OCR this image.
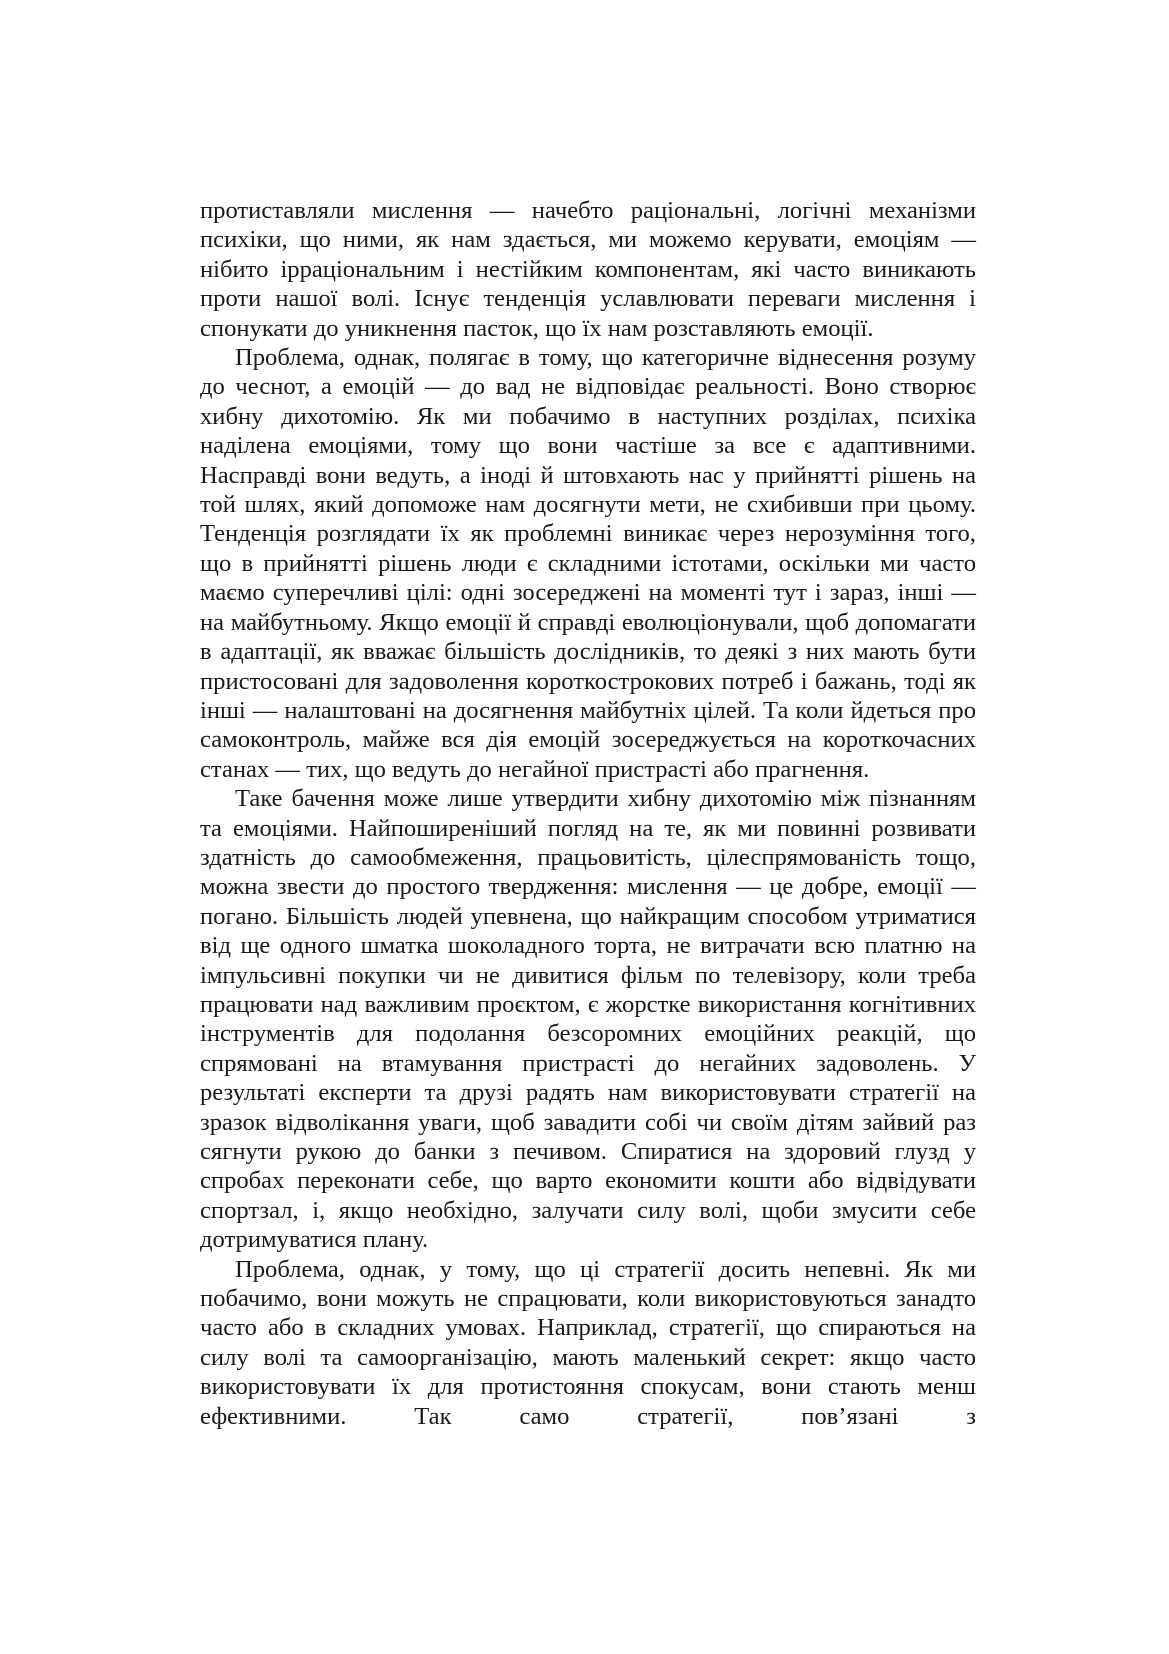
протиставляли мислення — начебто раціональні, логічні механізми психіки, що ними, як нам здається, ми можемо керувати, емоціям — нібито ірраціональним і нестійким компонентам, які часто виникають проти нашої волі. Існує тенденція уславлювати переваги мислення і спонукати до уникнення пасток, що їх нам розставляють емоції.

Проблема, однак, полягає в тому, що категоричне віднесення розуму до чеснот, а емоцій — до вад не відповідає реальності. Воно створює хибну дихотомію. Як ми побачимо в наступних розділах, психіка наділена емоціями, тому що вони частіше за все є адаптивними. Насправді вони ведуть, а іноді й штовхають нас у прийнятті рішень на той шлях, який допоможе нам досягнути мети, не схибивши при цьому. Тенденція розглядати їх як проблемні виникає через нерозуміння того, що в прийнятті рішень люди є складними істотами, оскільки ми часто маємо суперечливі цілі: одні зосереджені на моменті тут і зараз, інші — на майбутньому. Якщо емоції й справді еволюціонували, щоб допомагати в адаптації, як вважає більшість дослідників, то деякі з них мають бути пристосовані для задоволення короткострокових потреб і бажань, тоді як інші — налаштовані на досягнення майбутніх цілей. Та коли йдеться про самоконтроль, майже вся дія емоцій зосереджується на короткочасних станах — тих, що ведуть до негайної пристрасті або прагнення.

Таке бачення може лише утвердити хибну дихотомію між пізнанням та емоціями. Найпоширеніший погляд на те, як ми повинні розвивати здатність до самообмеження, працьовитість, цілеспрямованість тощо, можна звести до простого твердження: мислення — це добре, емоції — погано. Більшість людей упевнена, що найкращим способом утриматися від ще одного шматка шоколадного торта, не витрачати всю платню на імпульсивні покупки чи не дивитися фільм по телевізору, коли треба працювати над важливим проєктом, є жорстке використання когнітивних інструментів для подолання безсоромних емоційних реакцій, що спрямовані на втамування пристрасті до негайних задоволень. У результаті експерти та друзі радять нам використовувати стратегії на зразок відволікання уваги, щоб завадити собі чи своїм дітям зайвий раз сягнути рукою до банки з печивом. Спиратися на здоровий глузд у спробах переконати себе, що варто економити кошти або відвідувати спортзал, і, якщо необхідно, залучати силу волі, щоби змусити себе дотримуватися плану.

Проблема, однак, у тому, що ці стратегії досить непевні. Як ми побачимо, вони можуть не спрацювати, коли використовуються занадто часто або в складних умовах. Наприклад, стратегії, що спираються на силу волі та самоорганізацію, мають маленький секрет: якщо часто використовувати їх для протистояння спокусам, вони стають менш ефективними. Так само стратегії, пов’язані з
